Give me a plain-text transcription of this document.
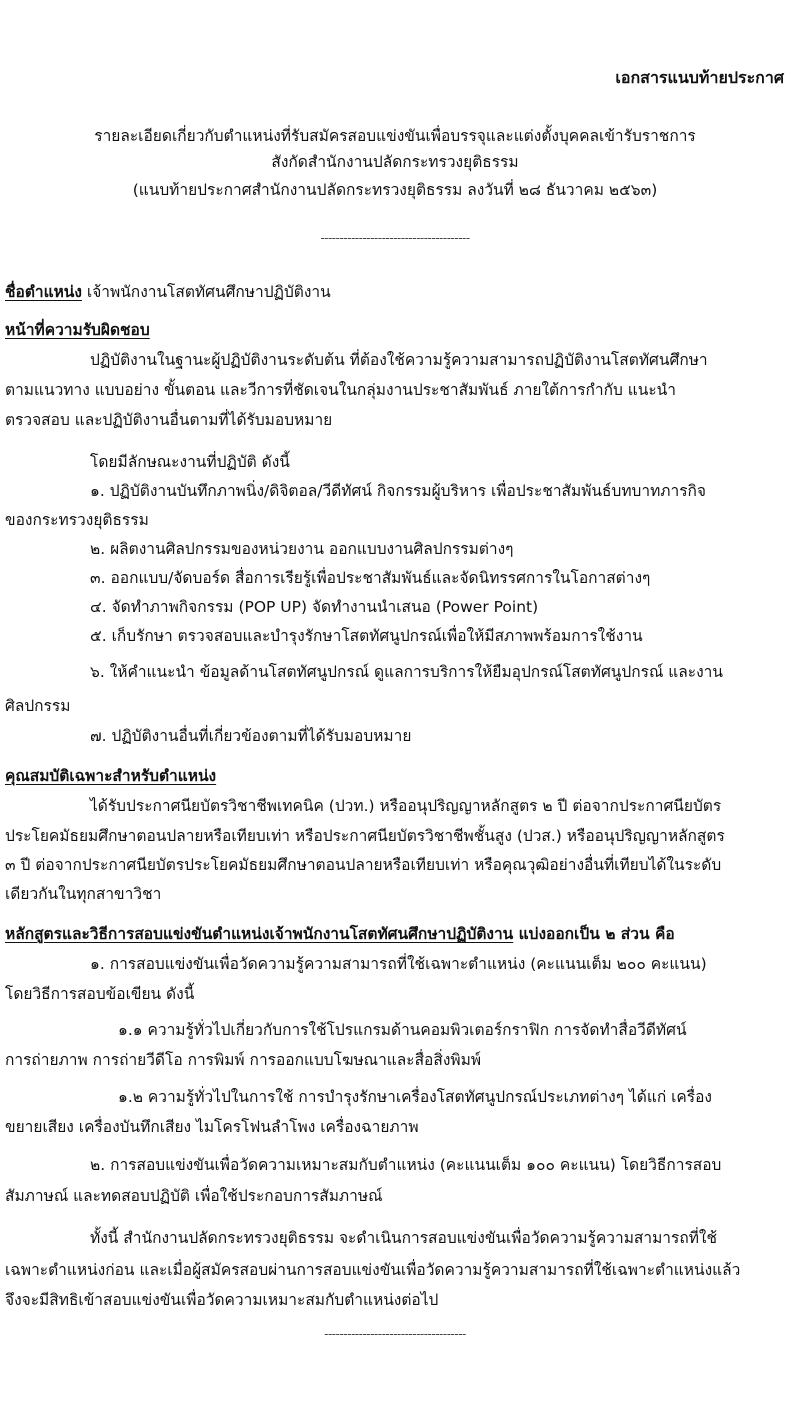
เอกสารแนบท้ายประกาศ
รายละเอียดเกี่ยวกับตำแหน่งที่รับสมัครสอบแข่งขันเพื่อบรรจุและแต่งตั้งบุคคลเข้ารับราชการ
สังกัดสำนักงานปลัดกระทรวงยุติธรรม
(แนบท้ายประกาศสำนักงานปลัดกระทรวงยุติธรรม ลงวันที่ ๒๘ ธันวาคม ๒๕๖๓)
---------------------------------------
ชื่อตำแหน่ง เจ้าพนักงานโสตทัศนศึกษาปฏิบัติงาน
หน้าที่ความรับผิดชอบ
ปฏิบัติงานในฐานะผู้ปฏิบัติงานระดับต้น ที่ต้องใช้ความรู้ความสามารถปฏิบัติงานโสตทัศนศึกษา
ตามแนวทาง แบบอย่าง ขั้นตอน และวีการที่ชัดเจนในกลุ่มงานประชาสัมพันธ์ ภายใต้การกำกับ แนะนำ
ตรวจสอบ และปฏิบัติงานอื่นตามที่ได้รับมอบหมาย
โดยมีลักษณะงานที่ปฏิบัติ ดังนี้
๑. ปฏิบัติงานบันทึกภาพนิ่ง/ดิจิตอล/วีดีทัศน์ กิจกรรมผู้บริหาร เพื่อประชาสัมพันธ์บทบาทภารกิจ
ของกระทรวงยุติธรรม
๒. ผลิตงานศิลปกรรมของหน่วยงาน ออกแบบงานศิลปกรรมต่างๆ
๓. ออกแบบ/จัดบอร์ด สื่อการเรียรู้เพื่อประชาสัมพันธ์และจัดนิทรรศการในโอกาสต่างๆ
๔. จัดทำภาพกิจกรรม (POP UP) จัดทำงานนำเสนอ (Power Point)
๕. เก็บรักษา ตรวจสอบและบำรุงรักษาโสตทัศนูปกรณ์เพื่อให้มีสภาพพร้อมการใช้งาน
๖. ให้คำแนะนำ ข้อมูลด้านโสตทัศนูปกรณ์ ดูแลการบริการให้ยืมอุปกรณ์โสตทัศนูปกรณ์ และงาน
ศิลปกรรม
๗. ปฏิบัติงานอื่นที่เกี่ยวข้องตามที่ได้รับมอบหมาย
คุณสมบัติเฉพาะสำหรับตำแหน่ง
ได้รับประกาศนียบัตรวิชาชีพเทคนิค (ปวท.) หรืออนุปริญญาหลักสูตร ๒ ปี ต่อจากประกาศนียบัตร
ประโยคมัธยมศึกษาตอนปลายหรือเทียบเท่า หรือประกาศนียบัตรวิชาชีพชั้นสูง (ปวส.) หรืออนุปริญญาหลักสูตร
๓ ปี ต่อจากประกาศนียบัตรประโยคมัธยมศึกษาตอนปลายหรือเทียบเท่า หรือคุณวุฒิอย่างอื่นที่เทียบได้ในระดับ
เดียวกันในทุกสาขาวิชา
หลักสูตรและวิธีการสอบแข่งขันตำแหน่งเจ้าพนักงานโสตทัศนศึกษาปฏิบัติงาน แบ่งออกเป็น ๒ ส่วน คือ
๑. การสอบแข่งขันเพื่อวัดความรู้ความสามารถที่ใช้เฉพาะตำแหน่ง (คะแนนเต็ม ๒๐๐ คะแนน)
โดยวิธีการสอบข้อเขียน ดังนี้
๑.๑ ความรู้ทั่วไปเกี่ยวกับการใช้โปรแกรมด้านคอมพิวเตอร์กราฟิก การจัดทำสื่อวีดีทัศน์
การถ่ายภาพ การถ่ายวีดีโอ การพิมพ์ การออกแบบโฆษณาและสื่อสิ่งพิมพ์
๑.๒ ความรู้ทั่วไปในการใช้ การบำรุงรักษาเครื่องโสตทัศนูปกรณ์ประเภทต่างๆ ได้แก่ เครื่อง
ขยายเสียง เครื่องบันทึกเสียง ไมโครโฟนลำโพง เครื่องฉายภาพ
๒. การสอบแข่งขันเพื่อวัดความเหมาะสมกับตำแหน่ง (คะแนนเต็ม ๑๐๐ คะแนน) โดยวิธีการสอบ
สัมภาษณ์ และทดสอบปฏิบัติ เพื่อใช้ประกอบการสัมภาษณ์
ทั้งนี้ สำนักงานปลัดกระทรวงยุติธรรม จะดำเนินการสอบแข่งขันเพื่อวัดความรู้ความสามารถที่ใช้
เฉพาะตำแหน่งก่อน และเมื่อผู้สมัครสอบผ่านการสอบแข่งขันเพื่อวัดความรู้ความสามารถที่ใช้เฉพาะตำแหน่งแล้ว
จึงจะมีสิทธิเข้าสอบแข่งขันเพื่อวัดความเหมาะสมกับตำแหน่งต่อไป
-------------------------------------
